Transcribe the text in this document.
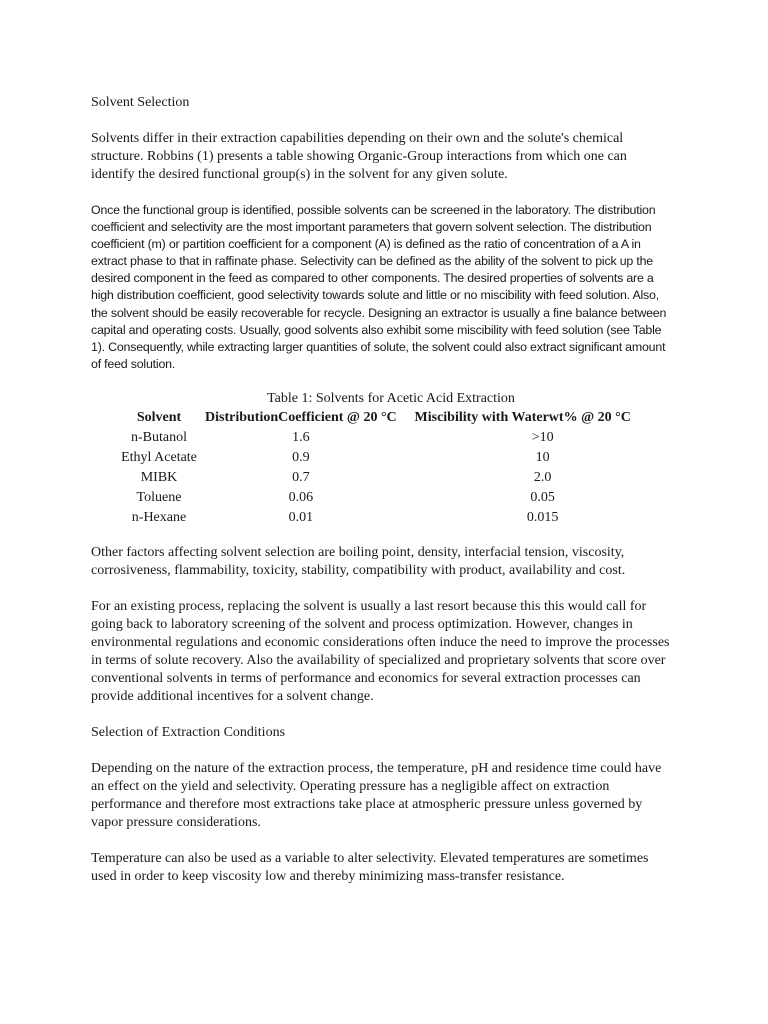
Solvent Selection

Solvents differ in their extraction capabilities depending on their own and the solute's chemical structure. Robbins (1) presents a table showing Organic-Group interactions from which one can identify the desired functional group(s) in the solvent for any given solute.

Once the functional group is identified, possible solvents can be screened in the laboratory. The distribution coefficient and selectivity are the most important parameters that govern solvent selection. The distribution coefficient (m) or partition coefficient for a component (A) is defined as the ratio of concentration of a A in extract phase to that in raffinate phase. Selectivity can be defined as the ability of the solvent to pick up the desired component in the feed as compared to other components. The desired properties of solvents are a high distribution coefficient, good selectivity towards solute and little or no miscibility with feed solution. Also, the solvent should be easily recoverable for recycle. Designing an extractor is usually a fine balance between capital and operating costs. Usually, good solvents also exhibit some miscibility with feed solution (see Table 1). Consequently, while extracting larger quantities of solute, the solvent could also extract significant amount of feed solution.

Table 1: Solvents for Acetic Acid Extraction

Solvent	DistributionCoefficient @ 20 °C	Miscibility with Waterwt% @ 20 °C
n-Butanol	1.6	>10
Ethyl Acetate	0.9	10
MIBK	0.7	2.0
Toluene	0.06	0.05
n-Hexane	0.01	0.015

Other factors affecting solvent selection are boiling point, density, interfacial tension, viscosity, corrosiveness, flammability, toxicity, stability, compatibility with product, availability and cost.

For an existing process, replacing the solvent is usually a last resort because this this would call for going back to laboratory screening of the solvent and process optimization. However, changes in environmental regulations and economic considerations often induce the need to improve the processes in terms of solute recovery. Also the availability of specialized and proprietary solvents that score over conventional solvents in terms of performance and economics for several extraction processes can provide additional incentives for a solvent change.

Selection of Extraction Conditions

Depending on the nature of the extraction process, the temperature, pH and residence time could have an effect on the yield and selectivity. Operating pressure has a negligible affect on extraction performance and therefore most extractions take place at atmospheric pressure unless governed by vapor pressure considerations.

Temperature can also be used as a variable to alter selectivity. Elevated temperatures are sometimes used in order to keep viscosity low and thereby minimizing mass-transfer resistance.
